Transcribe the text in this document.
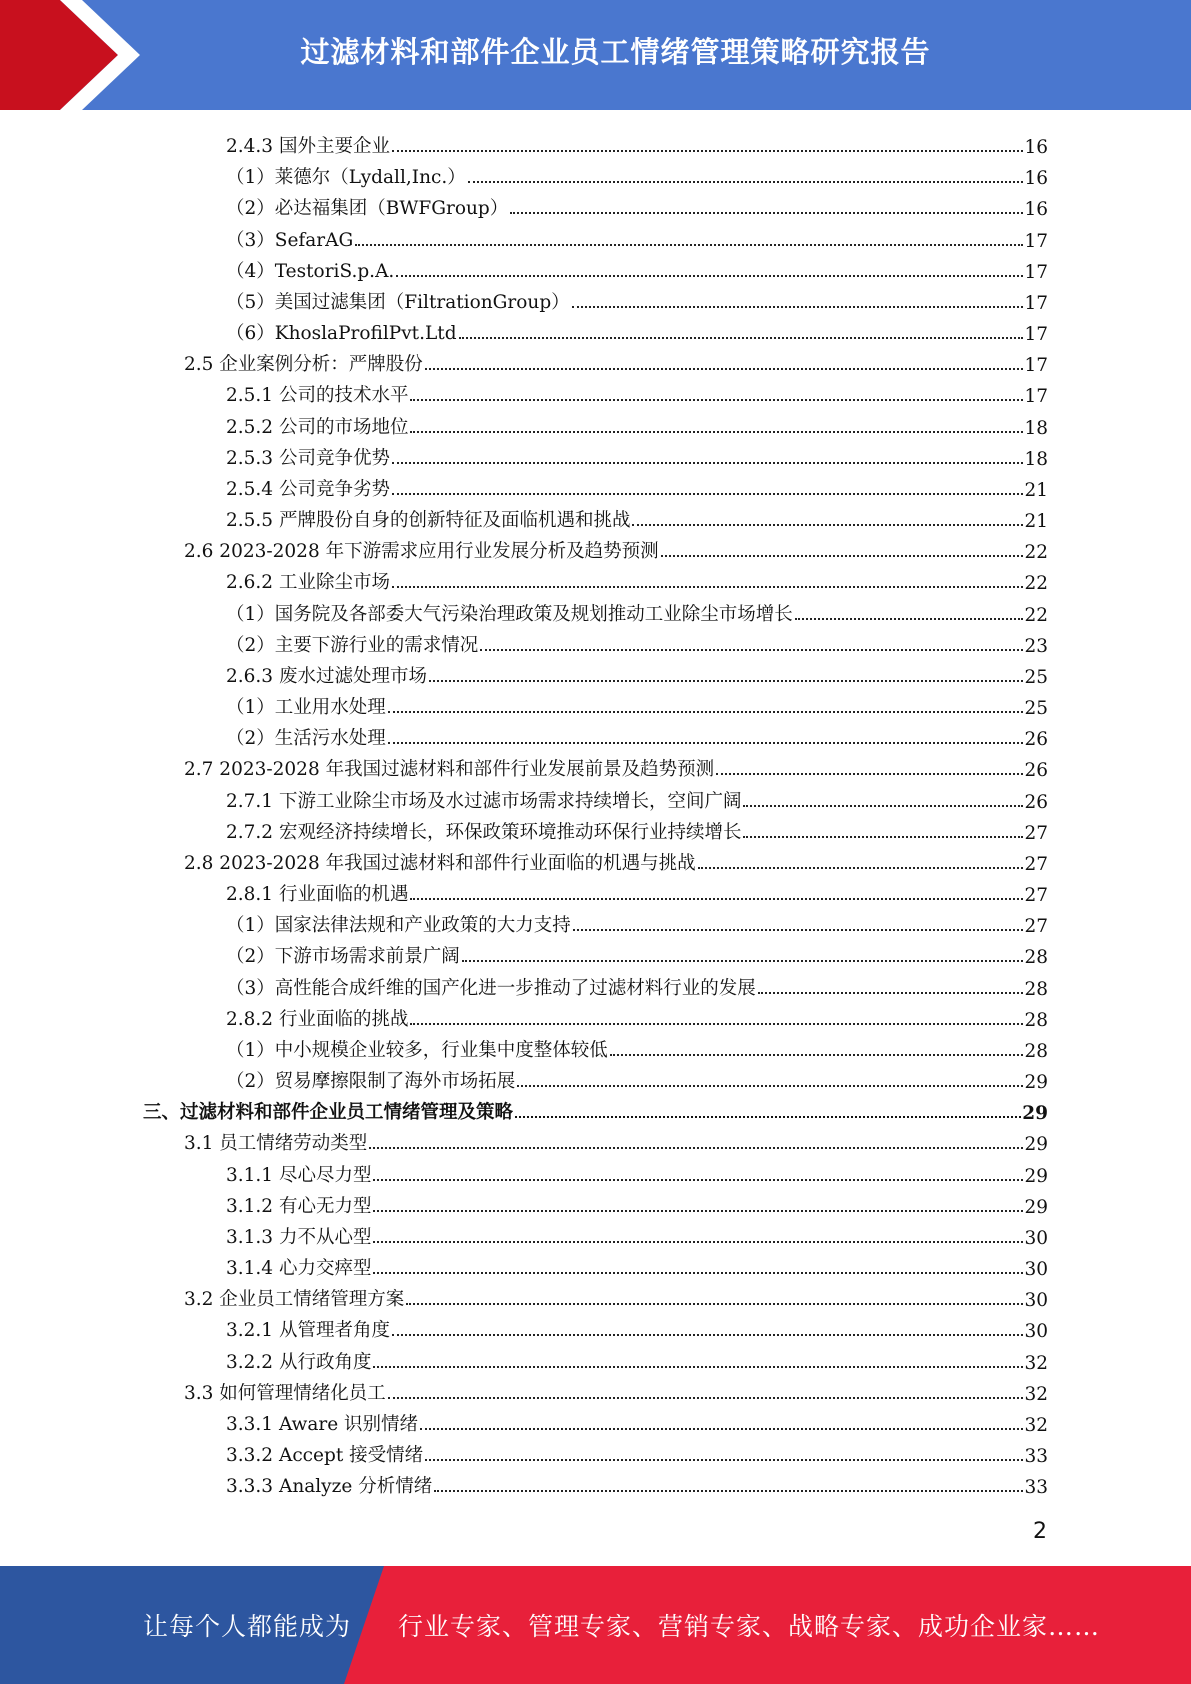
过滤材料和部件企业员工情绪管理策略研究报告
2.4.3 国外主要企业	16
（1）莱德尔（Lydall,Inc.）	16
（2）必达福集团（BWFGroup）	16
（3）SefarAG	17
（4）TestoriS.p.A.	17
（5）美国过滤集团（FiltrationGroup）	17
（6）KhoslaProfilPvt.Ltd	17
2.5 企业案例分析：严牌股份	17
2.5.1 公司的技术水平	17
2.5.2 公司的市场地位	18
2.5.3 公司竞争优势	18
2.5.4 公司竞争劣势	21
2.5.5 严牌股份自身的创新特征及面临机遇和挑战	21
2.6 2023-2028 年下游需求应用行业发展分析及趋势预测	22
2.6.2 工业除尘市场	22
（1）国务院及各部委大气污染治理政策及规划推动工业除尘市场增长	22
（2）主要下游行业的需求情况	23
2.6.3 废水过滤处理市场	25
（1）工业用水处理	25
（2）生活污水处理	26
2.7 2023-2028 年我国过滤材料和部件行业发展前景及趋势预测	26
2.7.1 下游工业除尘市场及水过滤市场需求持续增长，空间广阔	26
2.7.2 宏观经济持续增长，环保政策环境推动环保行业持续增长	27
2.8 2023-2028 年我国过滤材料和部件行业面临的机遇与挑战	27
2.8.1 行业面临的机遇	27
（1）国家法律法规和产业政策的大力支持	27
（2）下游市场需求前景广阔	28
（3）高性能合成纤维的国产化进一步推动了过滤材料行业的发展	28
2.8.2 行业面临的挑战	28
（1）中小规模企业较多，行业集中度整体较低	28
（2）贸易摩擦限制了海外市场拓展	29
三、过滤材料和部件企业员工情绪管理及策略	29
3.1 员工情绪劳动类型	29
3.1.1 尽心尽力型	29
3.1.2 有心无力型	29
3.1.3 力不从心型	30
3.1.4 心力交瘁型	30
3.2 企业员工情绪管理方案	30
3.2.1 从管理者角度	30
3.2.2 从行政角度	32
3.3 如何管理情绪化员工	32
3.3.1 Aware 识别情绪	32
3.3.2 Accept 接受情绪	33
3.3.3 Analyze 分析情绪	33
2
让每个人都能成为 行业专家、管理专家、营销专家、战略专家、成功企业家……
